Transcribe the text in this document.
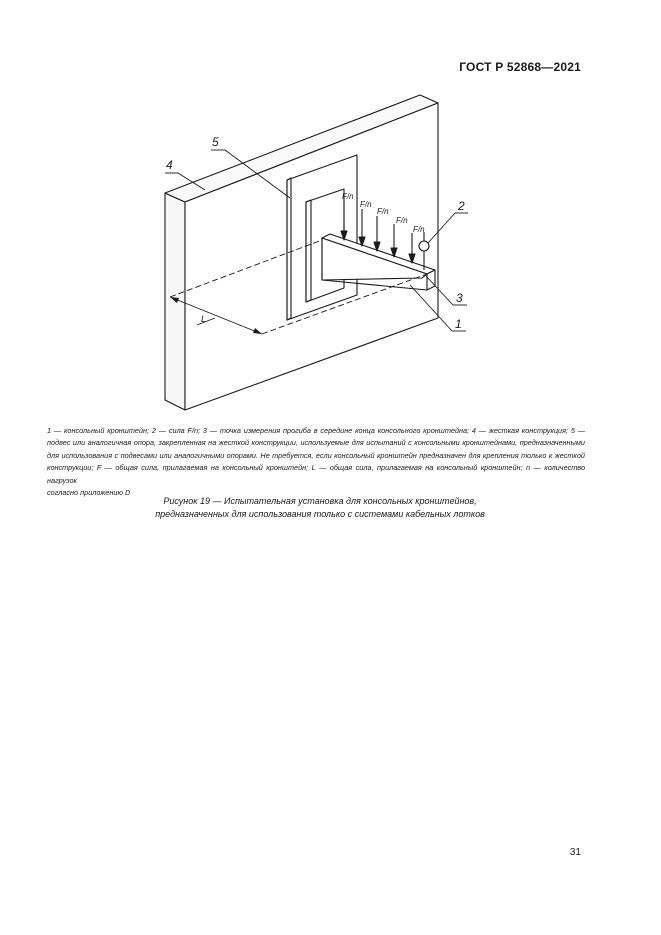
ГОСТ Р 52868—2021
4
5
2
3
1
L
F/n
F/n
F/n
F/n
F/n
1 — консольный кронштейн; 2 — сила F/n; 3 — точка измерения прогиба в середине конца консольного кронштейна; 4 — жесткая конструкция; 5 — подвес или аналогичная опора, закрепленная на жесткой конструкции, используемые для испытаний с консольными кронштейнами, предназначенными для использования с подвесами или аналогичными опорами. Не требуется, если консольный кронштейн предназначен для крепления только к жесткой конструкции; F — общая сила, прилагаемая на консольный кронштейн; L — общая сила, прилагаемая на консольный кронштейн; n — количество нагрузок
согласно приложению D
Рисунок 19 — Испытательная установка для консольных кронштейнов,
предназначенных для использования только с системами кабельных лотков
31
